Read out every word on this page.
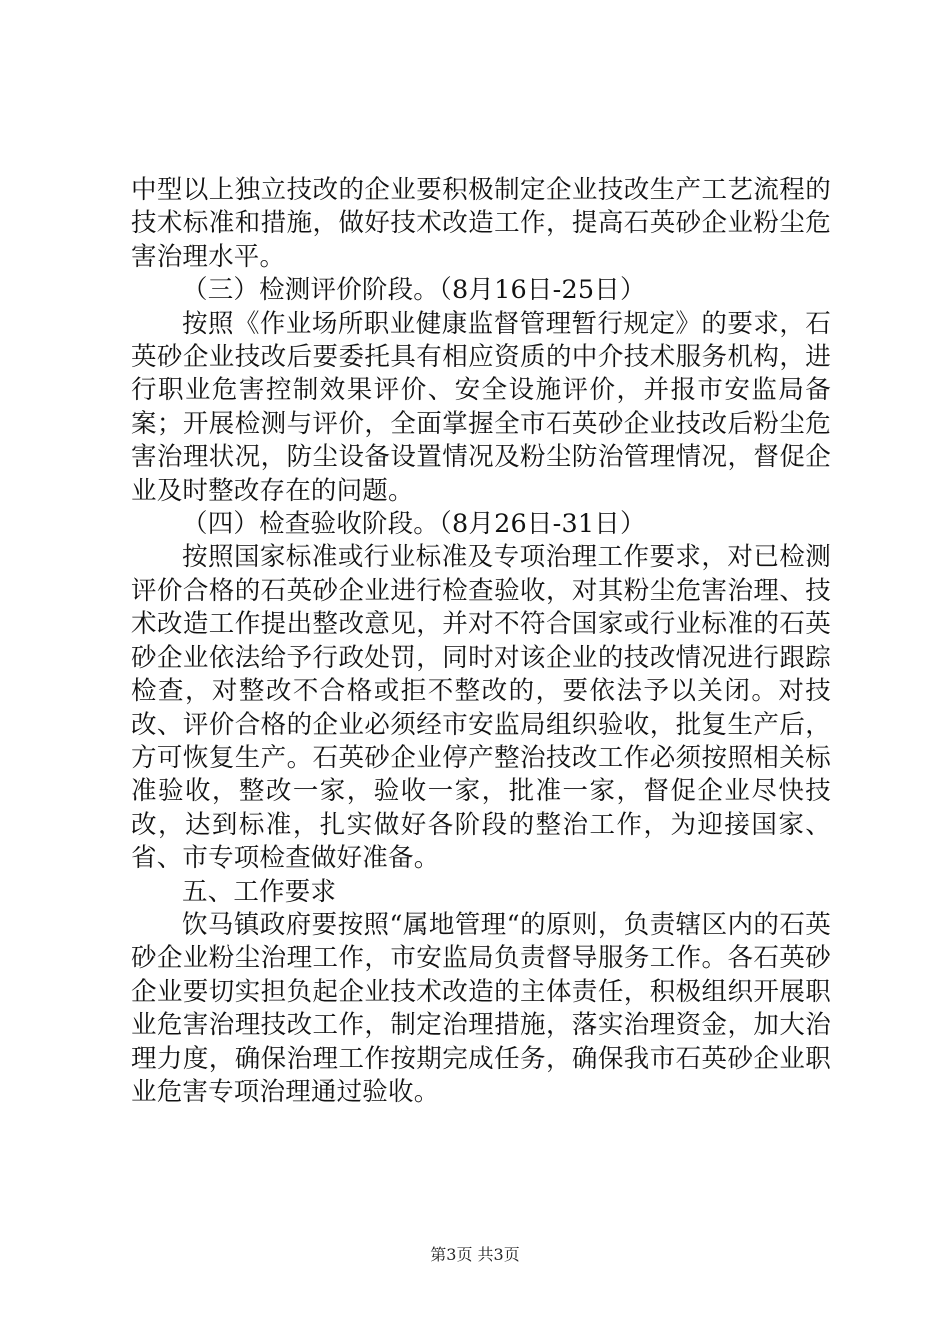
中型以上独立技改的企业要积极制定企业技改生产工艺流程的技术标准和措施，做好技术改造工作，提高石英砂企业粉尘危害治理水平。

（三）检测评价阶段。（8月16日-25日）

按照《作业场所职业健康监督管理暂行规定》的要求，石英砂企业技改后要委托具有相应资质的中介技术服务机构，进行职业危害控制效果评价、安全设施评价，并报市安监局备案；开展检测与评价，全面掌握全市石英砂企业技改后粉尘危害治理状况，防尘设备设置情况及粉尘防治管理情况，督促企业及时整改存在的问题。

（四）检查验收阶段。（8月26日-31日）

按照国家标准或行业标准及专项治理工作要求，对已检测评价合格的石英砂企业进行检查验收，对其粉尘危害治理、技术改造工作提出整改意见，并对不符合国家或行业标准的石英砂企业依法给予行政处罚，同时对该企业的技改情况进行跟踪检查，对整改不合格或拒不整改的，要依法予以关闭。对技改、评价合格的企业必须经市安监局组织验收，批复生产后，方可恢复生产。石英砂企业停产整治技改工作必须按照相关标准验收，整改一家，验收一家，批准一家，督促企业尽快技改，达到标准，扎实做好各阶段的整治工作，为迎接国家、省、市专项检查做好准备。

五、工作要求

饮马镇政府要按照“属地管理“的原则，负责辖区内的石英砂企业粉尘治理工作，市安监局负责督导服务工作。各石英砂企业要切实担负起企业技术改造的主体责任，积极组织开展职业危害治理技改工作，制定治理措施，落实治理资金，加大治理力度，确保治理工作按期完成任务，确保我市石英砂企业职业危害专项治理通过验收。

第3页 共3页
